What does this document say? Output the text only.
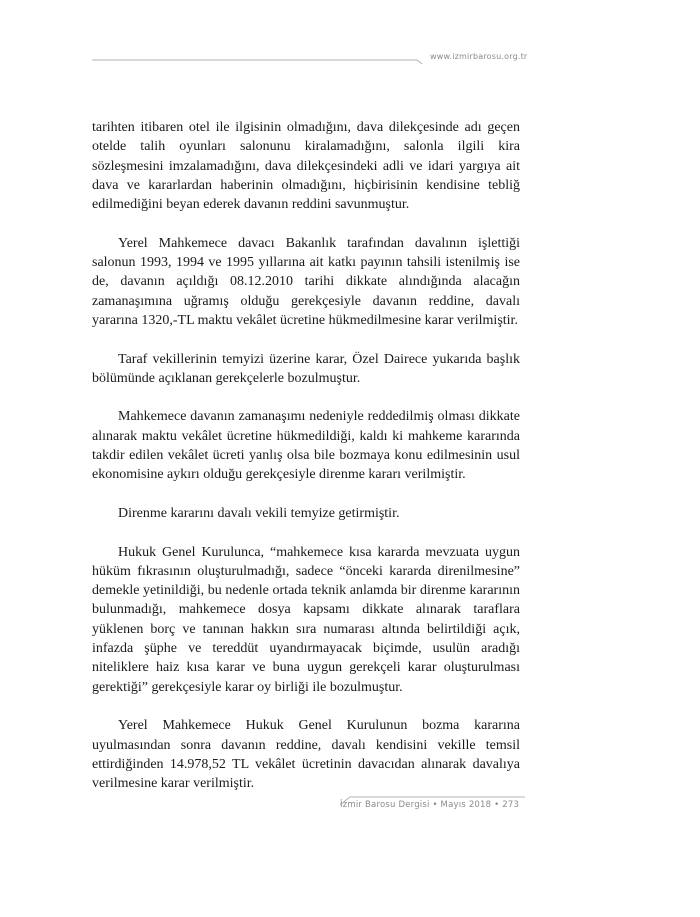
www.izmirbarosu.org.tr

tarihten itibaren otel ile ilgisinin olmadığını, dava dilekçesinde adı geçen otelde talih oyunları salonunu kiralamadığını, salonla ilgili kira sözleşmesini imzalamadığını, dava dilekçesindeki adli ve idari yargıya ait dava ve kararlardan haberinin olmadığını, hiçbirisinin kendisine tebliğ edilmediğini beyan ederek davanın reddini savunmuştur.

Yerel Mahkemece davacı Bakanlık tarafından davalının işlettiği salonun 1993, 1994 ve 1995 yıllarına ait katkı payının tahsili istenilmiş ise de, davanın açıldığı 08.12.2010 tarihi dikkate alındığında alacağın zamanaşımına uğramış olduğu gerekçesiyle davanın reddine, davalı yararına 1320,-TL maktu vekâlet ücretine hükmedilmesine karar verilmiştir.

Taraf vekillerinin temyizi üzerine karar, Özel Dairece yukarıda başlık bölümünde açıklanan gerekçelerle bozulmuştur.

Mahkemece davanın zamanaşımı nedeniyle reddedilmiş olması dikkate alınarak maktu vekâlet ücretine hükmedildiği, kaldı ki mahkeme kararında takdir edilen vekâlet ücreti yanlış olsa bile bozmaya konu edilmesinin usul ekonomisine aykırı olduğu gerekçesiyle direnme kararı verilmiştir.

Direnme kararını davalı vekili temyize getirmiştir.

Hukuk Genel Kurulunca, “mahkemece kısa kararda mevzuata uygun hüküm fıkrasının oluşturulmadığı, sadece “önceki kararda direnilmesine” demekle yetinildiği, bu nedenle ortada teknik anlamda bir direnme kararının bulunmadığı, mahkemece dosya kapsamı dikkate alınarak taraflara yüklenen borç ve tanınan hakkın sıra numarası altında belirtildiği açık, infazda şüphe ve tereddüt uyandırmayacak biçimde, usulün aradığı niteliklere haiz kısa karar ve buna uygun gerekçeli karar oluşturulması gerektiği” gerekçesiyle karar oy birliği ile bozulmuştur.

Yerel Mahkemece Hukuk Genel Kurulunun bozma kararına uyulmasından sonra davanın reddine, davalı kendisini vekille temsil ettirdiğinden 14.978,52 TL vekâlet ücretinin davacıdan alınarak davalıya verilmesine karar verilmiştir.

İzmir Barosu Dergisi • Mayıs 2018 • 273
